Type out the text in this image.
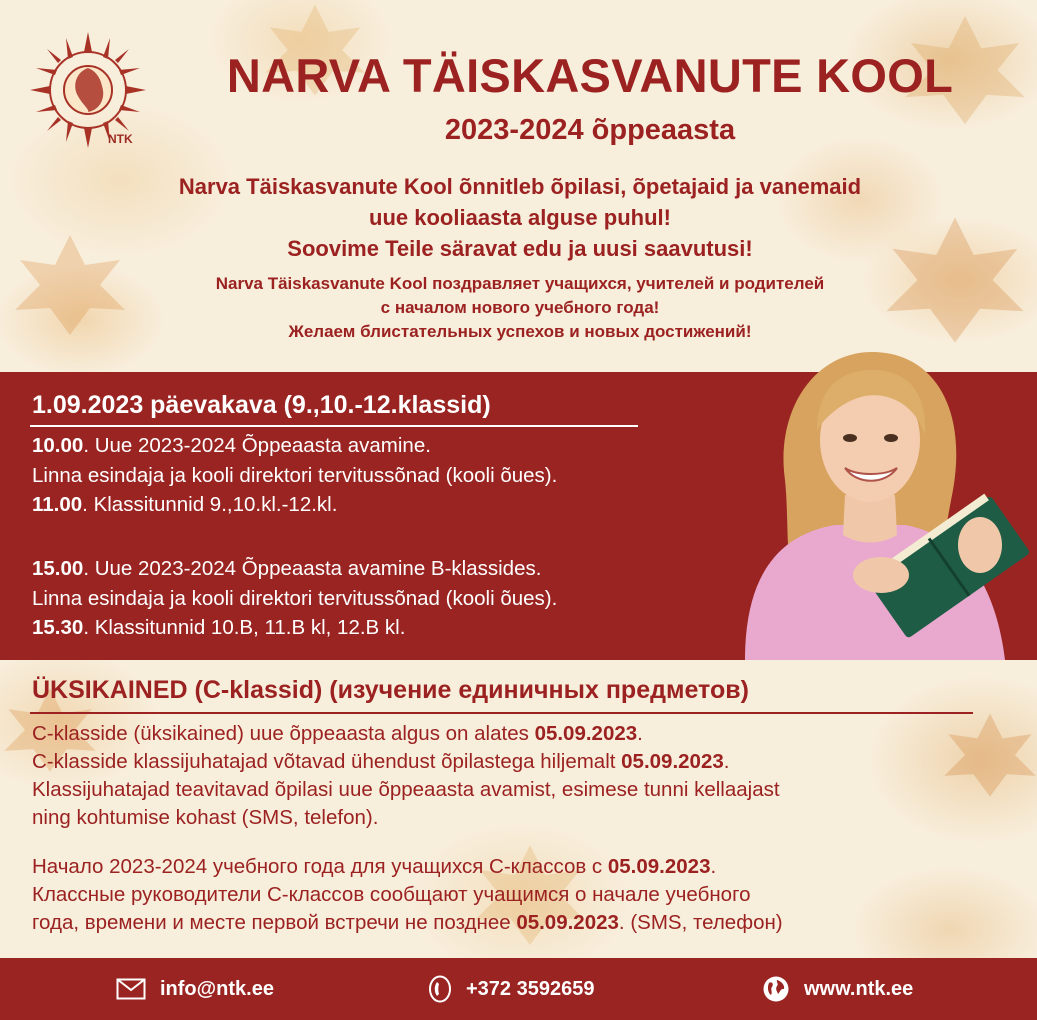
NTK
NARVA TÄISKASVANUTE KOOL
2023-2024 õppeaasta
Narva Täiskasvanute Kool õnnitleb õpilasi, õpetajaid ja vanemaid
uue kooliaasta alguse puhul!
Soovime Teile säravat edu ja uusi saavutusi!
Narva Täiskasvanute Kool поздравляет учащихся, учителей и родителей
с началом нового учебного года!
Желаем блистательных успехов и новых достижений!
1.09.2023 päevakava (9.,10.-12.klassid)
10.00. Uue 2023-2024 Õppeaasta avamine.
Linna esindaja ja kooli direktori tervitussõnad (kooli õues).
11.00. Klassitunnid 9.,10.kl.-12.kl.
15.00. Uue 2023-2024 Õppeaasta avamine B-klassides.
Linna esindaja ja kooli direktori tervitussõnad (kooli õues).
15.30. Klassitunnid 10.B, 11.B kl, 12.B kl.
ÜKSIKAINED (C-klassid) (изучение единичных предметов)
C-klasside (üksikained) uue õppeaasta algus on alates 05.09.2023.
C-klasside klassijuhatajad võtavad ühendust õpilastega hiljemalt 05.09.2023.
Klassijuhatajad teavitavad õpilasi uue õppeaasta avamist, esimese tunni kellaajast
ning kohtumise kohast (SMS, telefon).
Начало 2023-2024 учебного года для учащихся С-классов с 05.09.2023.
Классные руководители С-классов сообщают учащимся о начале учебного
года, времени и месте первой встречи не позднее 05.09.2023. (SMS, телефон)
info@ntk.ee	+372 3592659	www.ntk.ee
